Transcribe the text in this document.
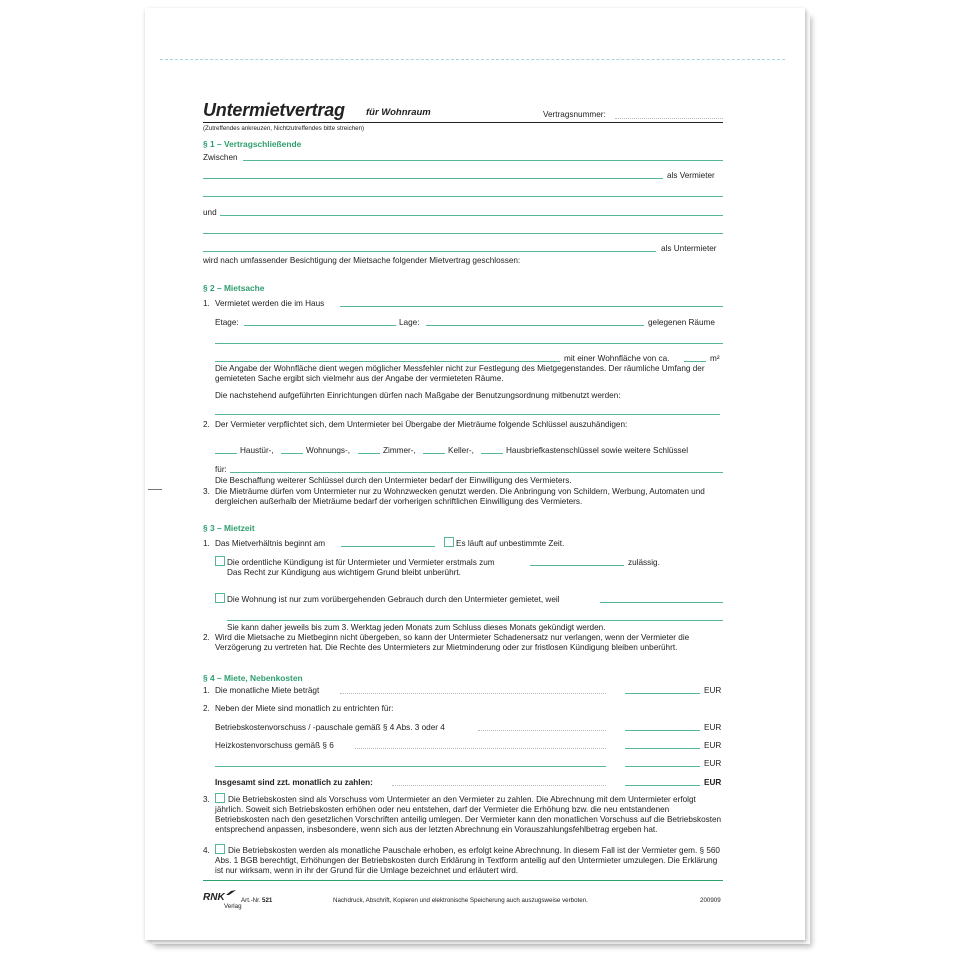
Untermietvertrag für Wohnraum	Vertragsnummer:
(Zutreffendes ankreuzen, Nichtzutreffendes bitte streichen)
§ 1 – Vertragschließende
Zwischen
als Vermieter
und
als Untermieter
wird nach umfassender Besichtigung der Mietsache folgender Mietvertrag geschlossen:
§ 2 – Mietsache
1. Vermietet werden die im Haus
Etage:	Lage:	gelegenen Räume
mit einer Wohnfläche von ca.	m²
Die Angabe der Wohnfläche dient wegen möglicher Messfehler nicht zur Festlegung des Mietgegenstandes. Der räumliche Umfang der gemieteten Sache ergibt sich vielmehr aus der Angabe der vermieteten Räume.
Die nachstehend aufgeführten Einrichtungen dürfen nach Maßgabe der Benutzungsordnung mitbenutzt werden:
2. Der Vermieter verpflichtet sich, dem Untermieter bei Übergabe der Mieträume folgende Schlüssel auszuhändigen:
Haustür-,	Wohnungs-,	Zimmer-,	Keller-,	Hausbriefkastenschlüssel sowie weitere Schlüssel
für:
Die Beschaffung weiterer Schlüssel durch den Untermieter bedarf der Einwilligung des Vermieters.
3. Die Mieträume dürfen vom Untermieter nur zu Wohnzwecken genutzt werden. Die Anbringung von Schildern, Werbung, Automaten und dergleichen außerhalb der Mieträume bedarf der vorherigen schriftlichen Einwilligung des Vermieters.
§ 3 – Mietzeit
1. Das Mietverhältnis beginnt am	Es läuft auf unbestimmte Zeit.
Die ordentliche Kündigung ist für Untermieter und Vermieter erstmals zum	zulässig.
Das Recht zur Kündigung aus wichtigem Grund bleibt unberührt.
Die Wohnung ist nur zum vorübergehenden Gebrauch durch den Untermieter gemietet, weil
Sie kann daher jeweils bis zum 3. Werktag jeden Monats zum Schluss dieses Monats gekündigt werden.
2. Wird die Mietsache zu Mietbeginn nicht übergeben, so kann der Untermieter Schadenersatz nur verlangen, wenn der Vermieter die Verzögerung zu vertreten hat. Die Rechte des Untermieters zur Mietminderung oder zur fristlosen Kündigung bleiben unberührt.
§ 4 – Miete, Nebenkosten
1. Die monatliche Miete beträgt	EUR
2. Neben der Miete sind monatlich zu entrichten für:
Betriebskostenvorschuss / -pauschale gemäß § 4 Abs. 3 oder 4	EUR
Heizkostenvorschuss gemäß § 6	EUR
EUR
Insgesamt sind zzt. monatlich zu zahlen:	EUR
3.	Die Betriebskosten sind als Vorschuss vom Untermieter an den Vermieter zu zahlen. Die Abrechnung mit dem Untermieter erfolgt jährlich. Soweit sich Betriebskosten erhöhen oder neu entstehen, darf der Vermieter die Erhöhung bzw. die neu entstandenen Betriebskosten nach den gesetzlichen Vorschriften anteilig umlegen. Der Vermieter kann den monatlichen Vorschuss auf die Betriebskosten entsprechend anpassen, insbesondere, wenn sich aus der letzten Abrechnung ein Vorauszahlungsfehlbetrag ergeben hat.
4.	Die Betriebskosten werden als monatliche Pauschale erhoben, es erfolgt keine Abrechnung. In diesem Fall ist der Vermieter gem. § 560 Abs. 1 BGB berechtigt, Erhöhungen der Betriebskosten durch Erklärung in Textform anteilig auf den Untermieter umzulegen. Die Erklärung ist nur wirksam, wenn in ihr der Grund für die Umlage bezeichnet und erläutert wird.
RNK
Verlag
Art.-Nr. 521	Nachdruck, Abschrift, Kopieren und elektronische Speicherung auch auszugsweise verboten.	200909
